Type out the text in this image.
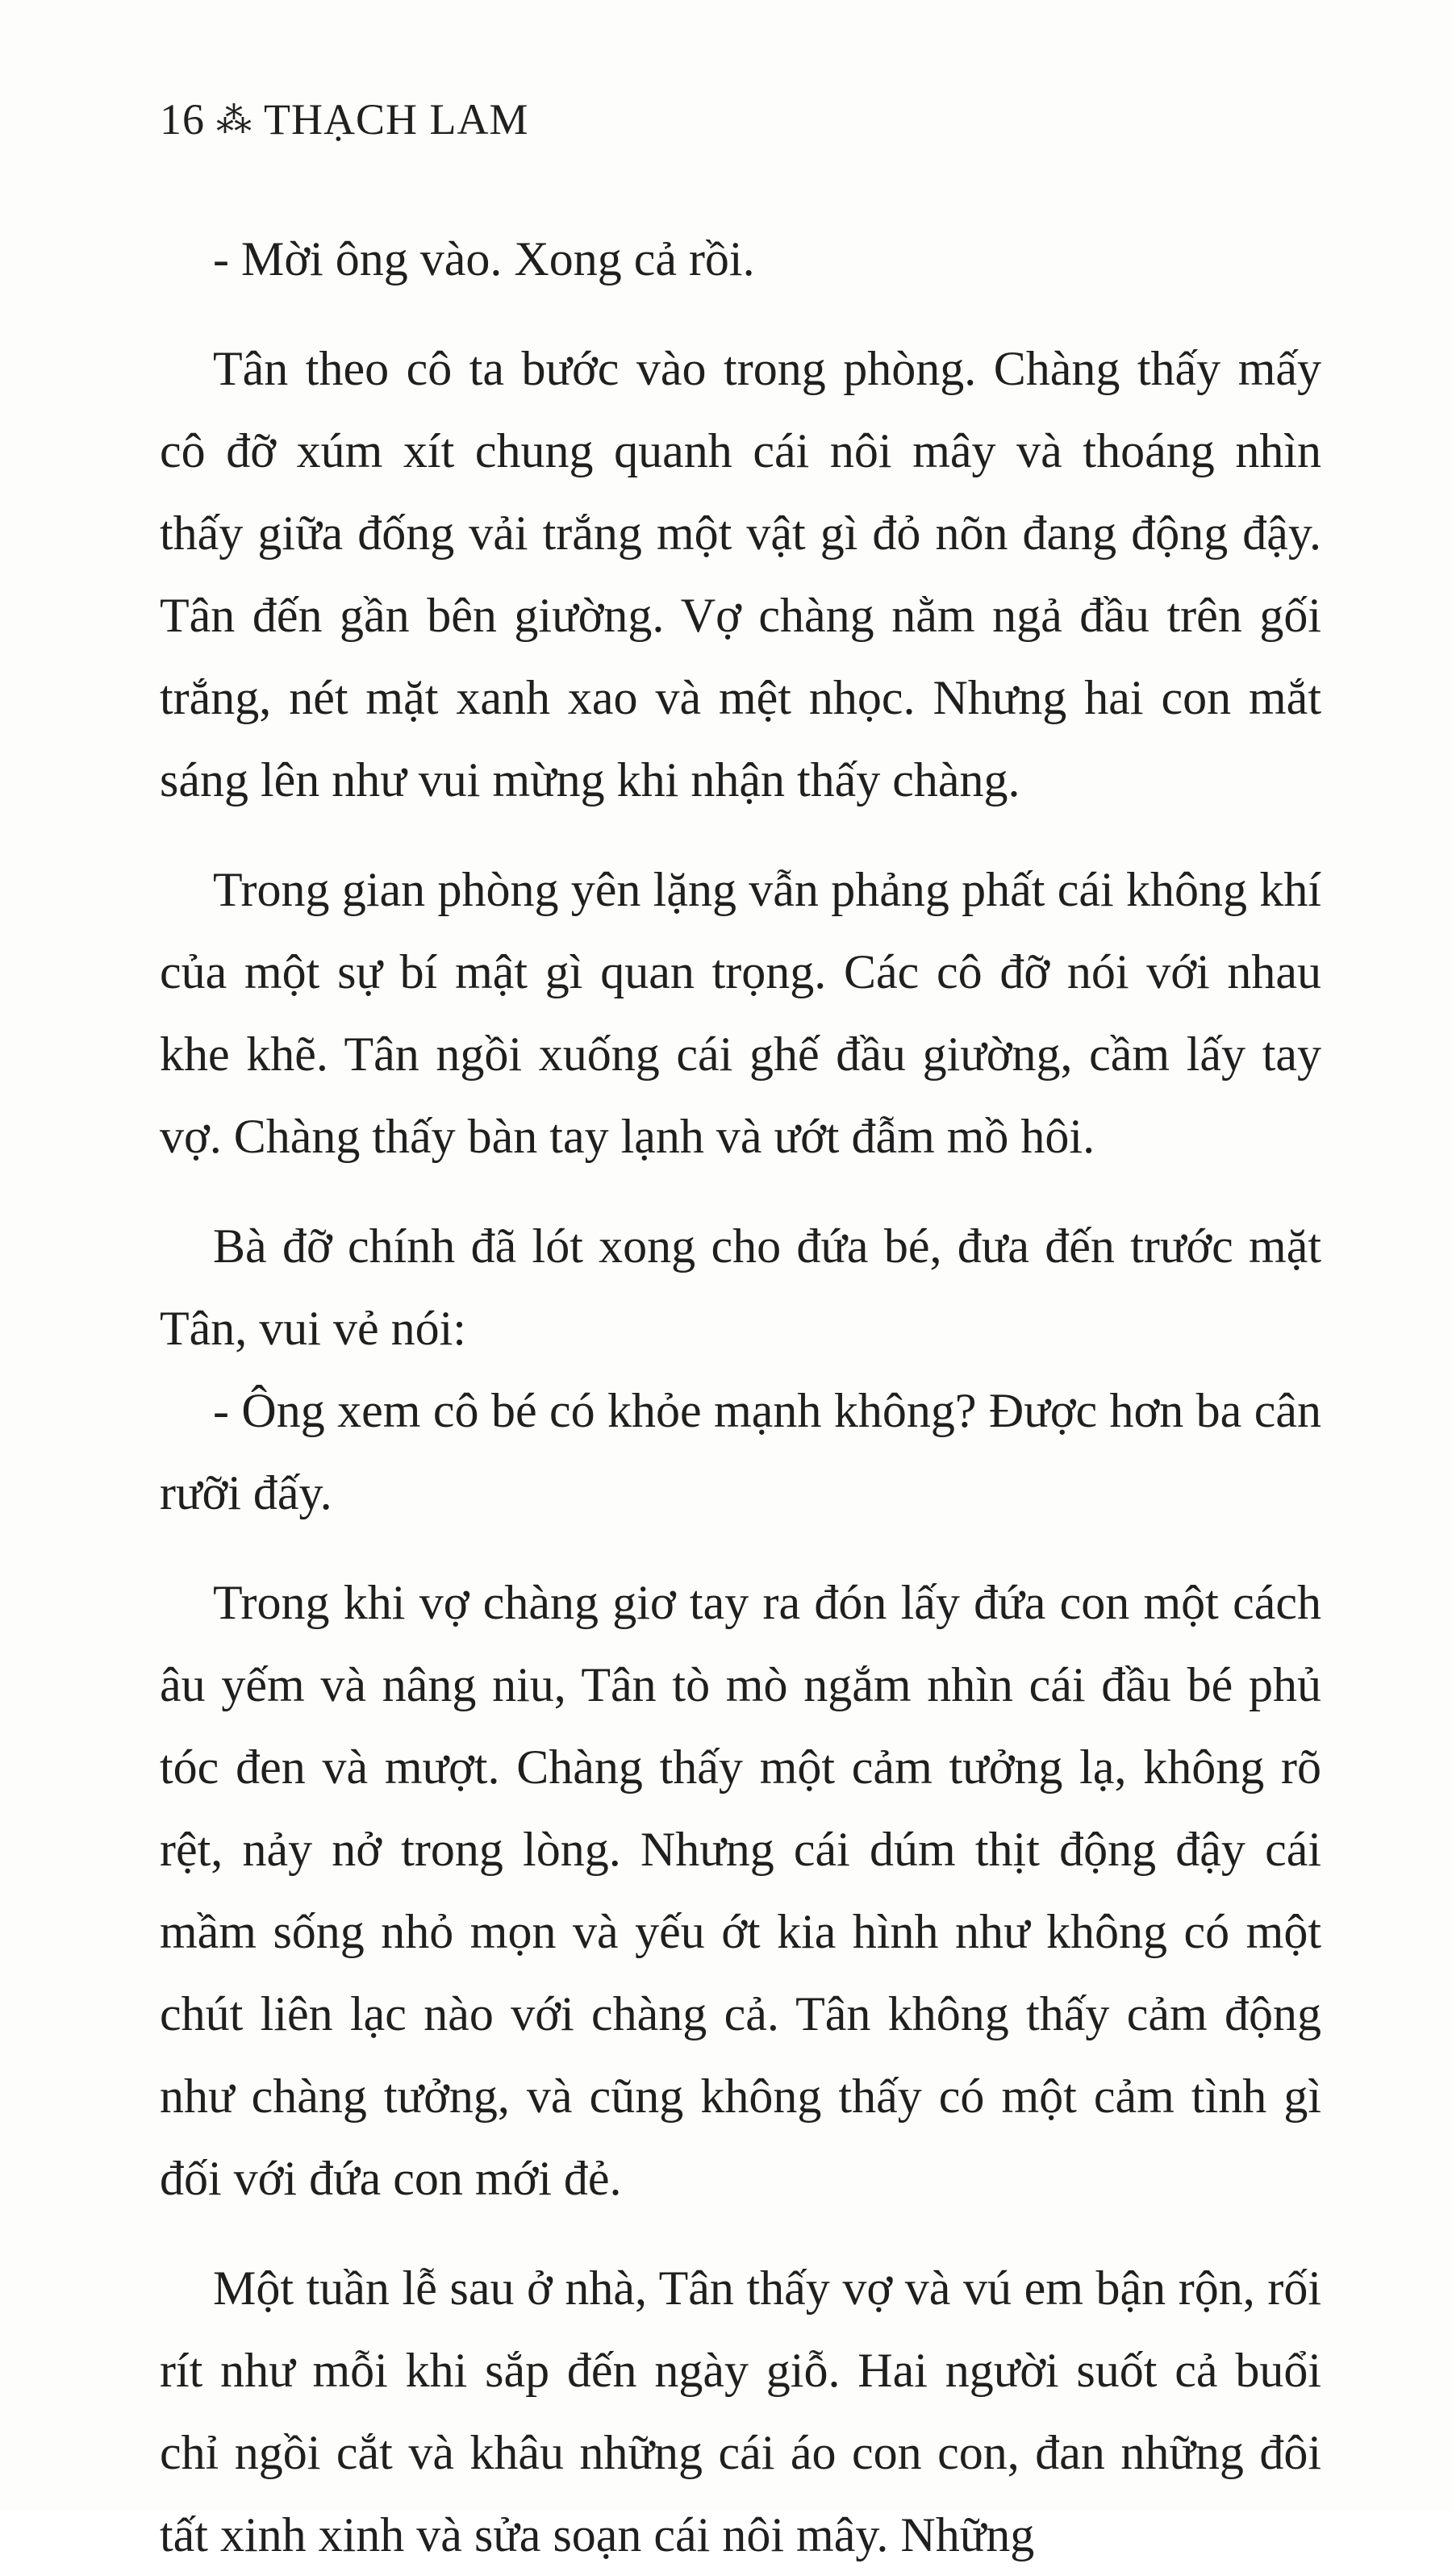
16 ⁂ THẠCH LAM

- Mời ông vào. Xong cả rồi.

Tân theo cô ta bước vào trong phòng. Chàng thấy mấy cô đỡ xúm xít chung quanh cái nôi mây và thoáng nhìn thấy giữa đống vải trắng một vật gì đỏ nõn đang động đậy. Tân đến gần bên giường. Vợ chàng nằm ngả đầu trên gối trắng, nét mặt xanh xao và mệt nhọc. Nhưng hai con mắt sáng lên như vui mừng khi nhận thấy chàng.

Trong gian phòng yên lặng vẫn phảng phất cái không khí của một sự bí mật gì quan trọng. Các cô đỡ nói với nhau khe khẽ. Tân ngồi xuống cái ghế đầu giường, cầm lấy tay vợ. Chàng thấy bàn tay lạnh và ướt đẫm mồ hôi.

Bà đỡ chính đã lót xong cho đứa bé, đưa đến trước mặt Tân, vui vẻ nói:

- Ông xem cô bé có khỏe mạnh không? Được hơn ba cân rưỡi đấy.

Trong khi vợ chàng giơ tay ra đón lấy đứa con một cách âu yếm và nâng niu, Tân tò mò ngắm nhìn cái đầu bé phủ tóc đen và mượt. Chàng thấy một cảm tưởng lạ, không rõ rệt, nảy nở trong lòng. Nhưng cái dúm thịt động đậy cái mầm sống nhỏ mọn và yếu ớt kia hình như không có một chút liên lạc nào với chàng cả. Tân không thấy cảm động như chàng tưởng, và cũng không thấy có một cảm tình gì đối với đứa con mới đẻ.

Một tuần lễ sau ở nhà, Tân thấy vợ và vú em bận rộn, rối rít như mỗi khi sắp đến ngày giỗ. Hai người suốt cả buổi chỉ ngồi cắt và khâu những cái áo con con, đan những đôi tất xinh xinh và sửa soạn cái nôi mây. Những
